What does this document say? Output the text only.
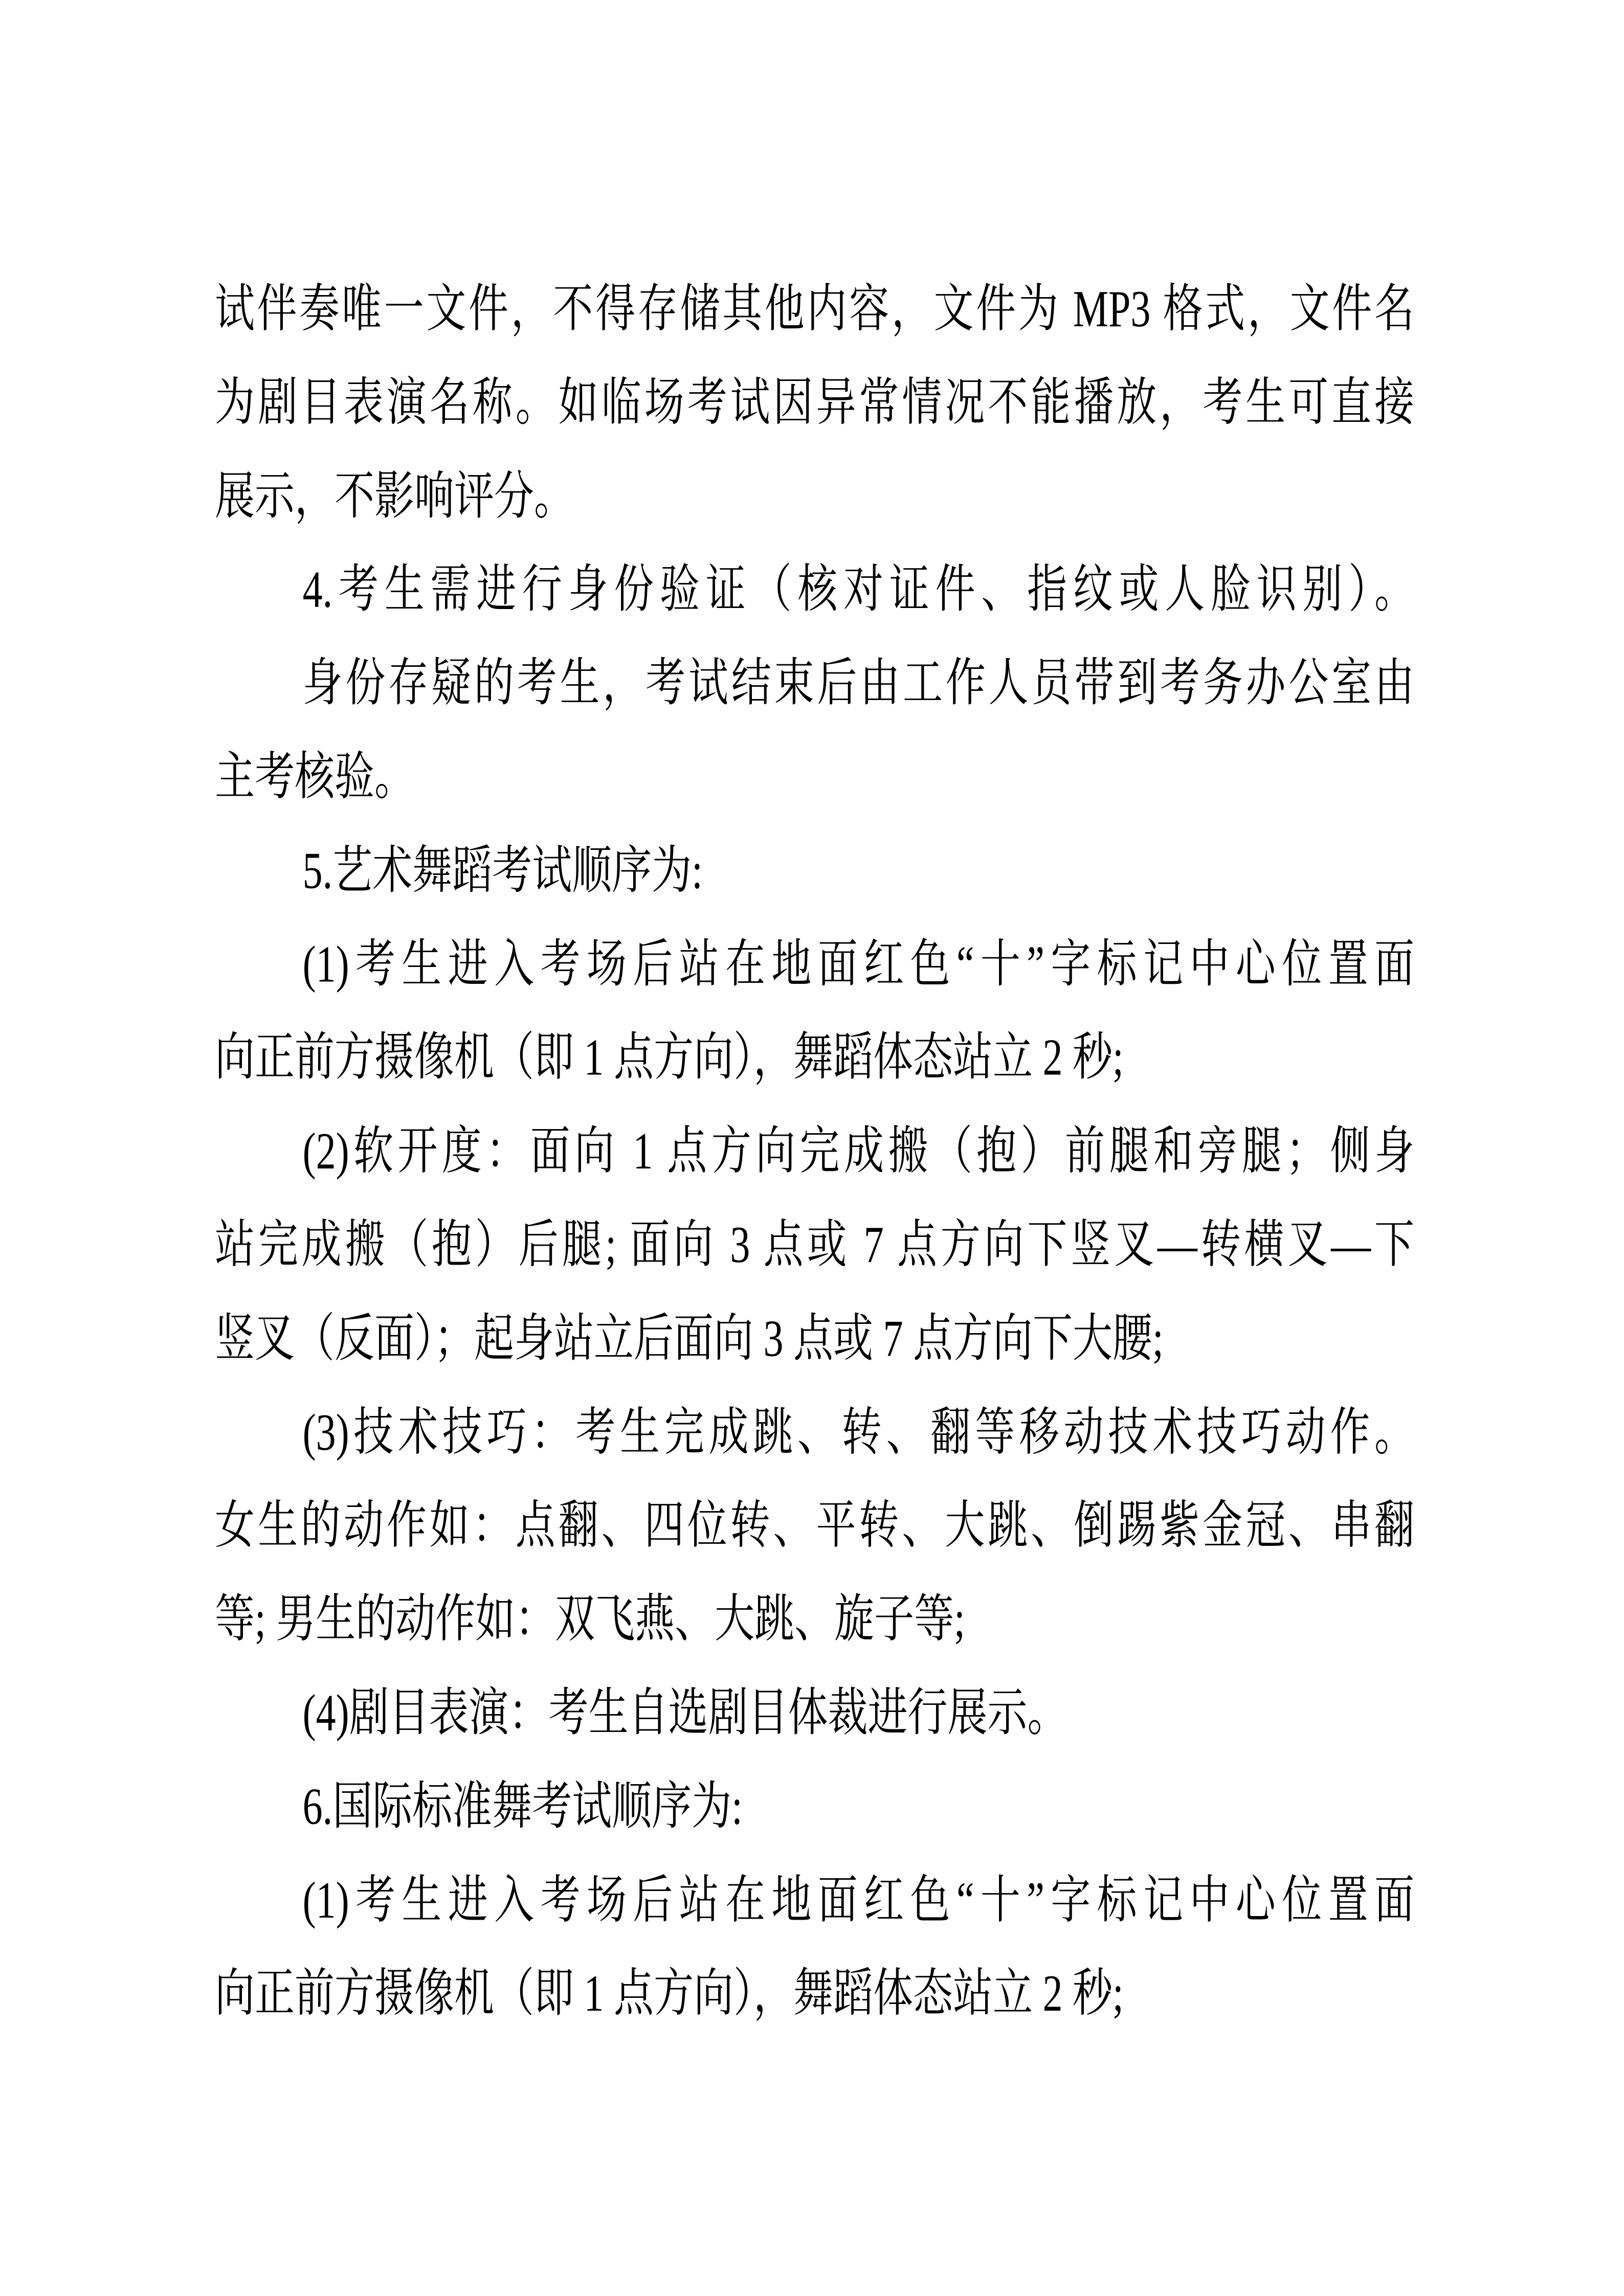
试伴奏唯一文件，不得存储其他内容，文件为 MP3 格式，文件名
为剧目表演名称。如临场考试因异常情况不能播放，考生可直接
展示，不影响评分。
4.考生需进行身份验证（核对证件、指纹或人脸识别）。
身份存疑的考生，考试结束后由工作人员带到考务办公室由
主考核验。
5.艺术舞蹈考试顺序为:
(1)考生进入考场后站在地面红色“十”字标记中心位置面
向正前方摄像机（即 1 点方向），舞蹈体态站立 2 秒;
(2)软开度：面向 1 点方向完成搬（抱）前腿和旁腿；侧身
站完成搬（抱）后腿; 面向 3 点或 7 点方向下竖叉—转横叉—下
竖叉（反面）；起身站立后面向 3 点或 7 点方向下大腰;
(3)技术技巧：考生完成跳、转、翻等移动技术技巧动作。
女生的动作如：点翻、四位转、平转、大跳、倒踢紫金冠、串翻
等; 男生的动作如：双飞燕、大跳、旋子等;
(4)剧目表演：考生自选剧目体裁进行展示。
6.国际标准舞考试顺序为:
(1)考生进入考场后站在地面红色“十”字标记中心位置面
向正前方摄像机（即 1 点方向），舞蹈体态站立 2 秒;
